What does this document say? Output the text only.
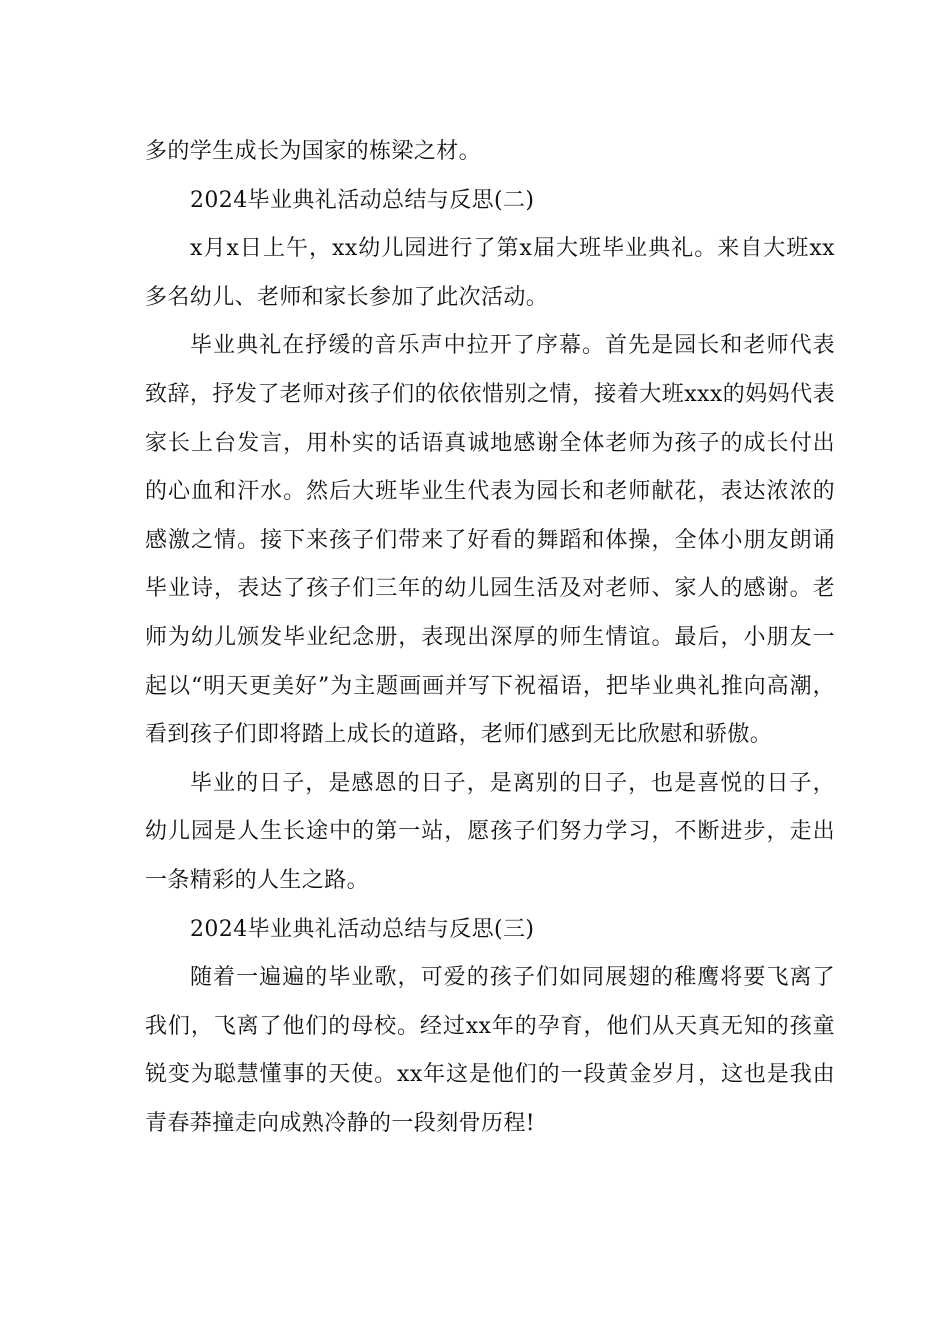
多的学生成长为国家的栋梁之材。

2024毕业典礼活动总结与反思(二)

x月x日上午，xx幼儿园进行了第x届大班毕业典礼。来自大班xx多名幼儿、老师和家长参加了此次活动。

毕业典礼在抒缓的音乐声中拉开了序幕。首先是园长和老师代表致辞，抒发了老师对孩子们的依依惜别之情，接着大班xxx的妈妈代表家长上台发言，用朴实的话语真诚地感谢全体老师为孩子的成长付出的心血和汗水。然后大班毕业生代表为园长和老师献花，表达浓浓的感激之情。接下来孩子们带来了好看的舞蹈和体操，全体小朋友朗诵毕业诗，表达了孩子们三年的幼儿园生活及对老师、家人的感谢。老师为幼儿颁发毕业纪念册，表现出深厚的师生情谊。最后，小朋友一起以“明天更美好”为主题画画并写下祝福语，把毕业典礼推向高潮，看到孩子们即将踏上成长的道路，老师们感到无比欣慰和骄傲。

毕业的日子，是感恩的日子，是离别的日子，也是喜悦的日子，幼儿园是人生长途中的第一站，愿孩子们努力学习，不断进步，走出一条精彩的人生之路。

2024毕业典礼活动总结与反思(三)

随着一遍遍的毕业歌，可爱的孩子们如同展翅的稚鹰将要飞离了我们，飞离了他们的母校。经过xx年的孕育，他们从天真无知的孩童锐变为聪慧懂事的天使。xx年这是他们的一段黄金岁月，这也是我由青春莽撞走向成熟冷静的一段刻骨历程!
